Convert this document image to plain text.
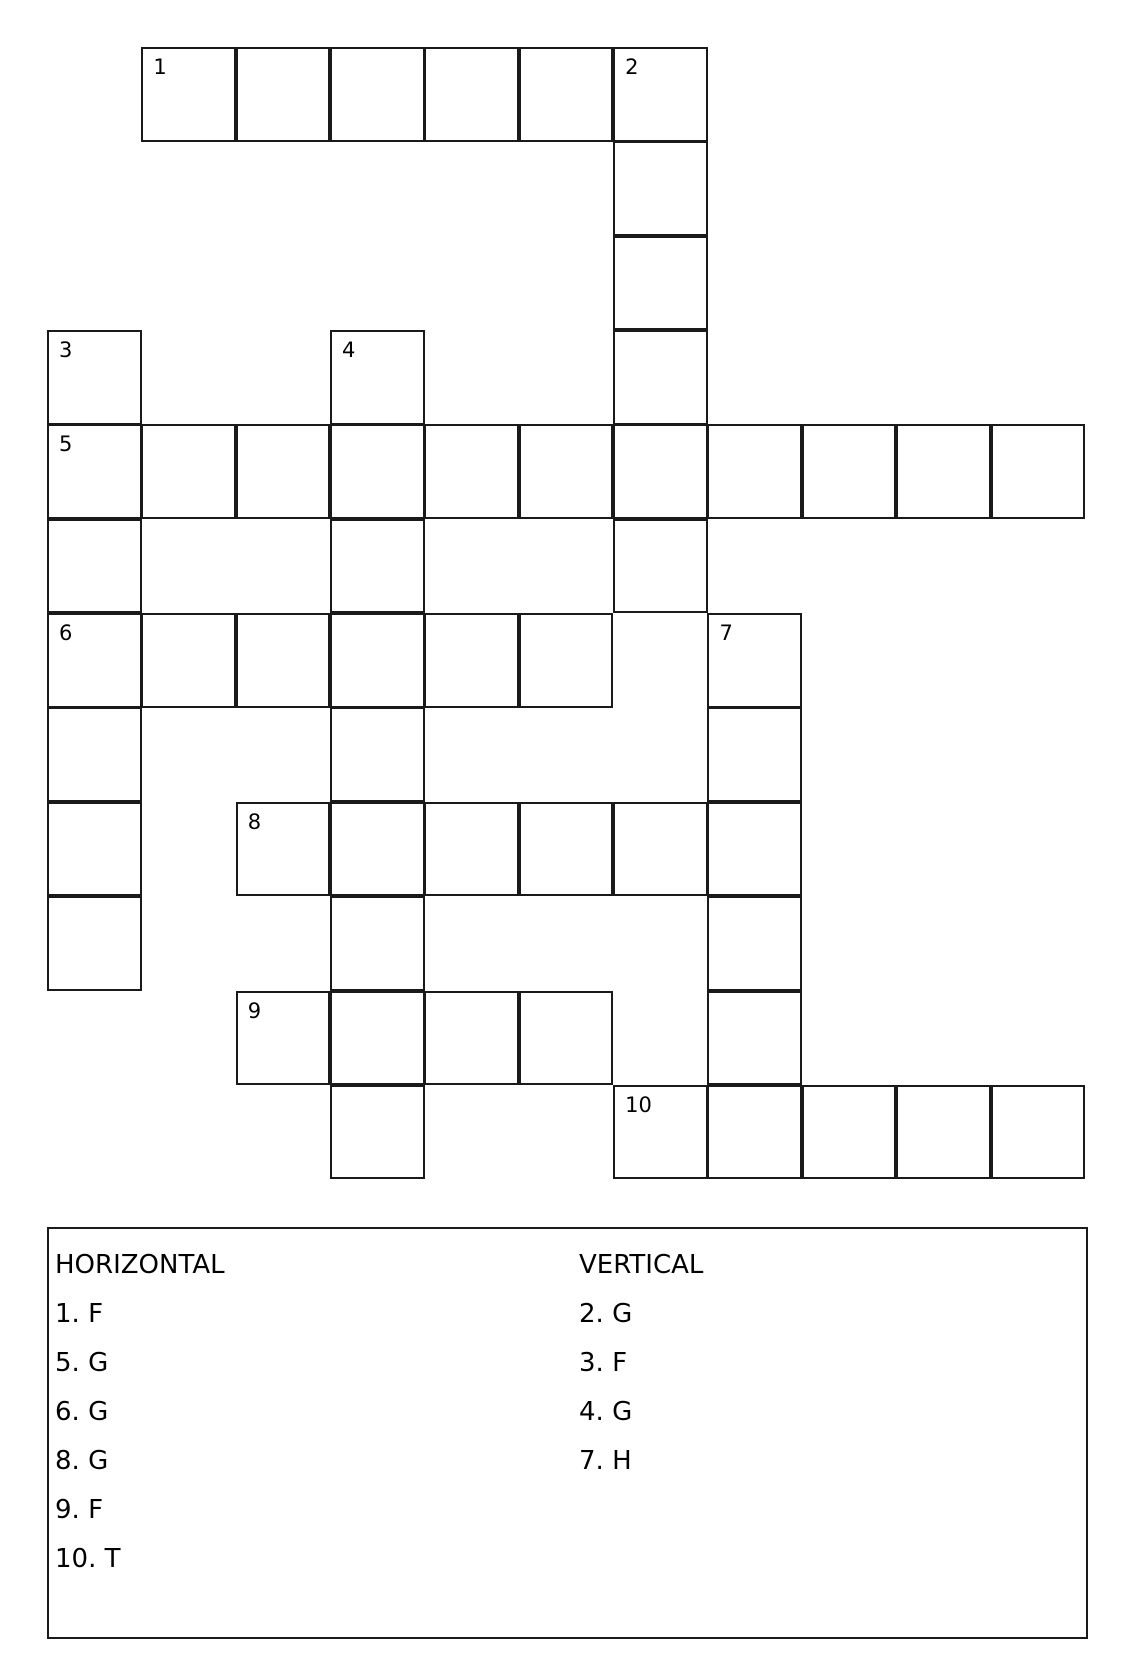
1	2
3	4
5
6	7
8
9
10
HORIZONTAL
1. F
5. G
6. G
8. G
9. F
10. T
VERTICAL
2. G
3. F
4. G
7. H
